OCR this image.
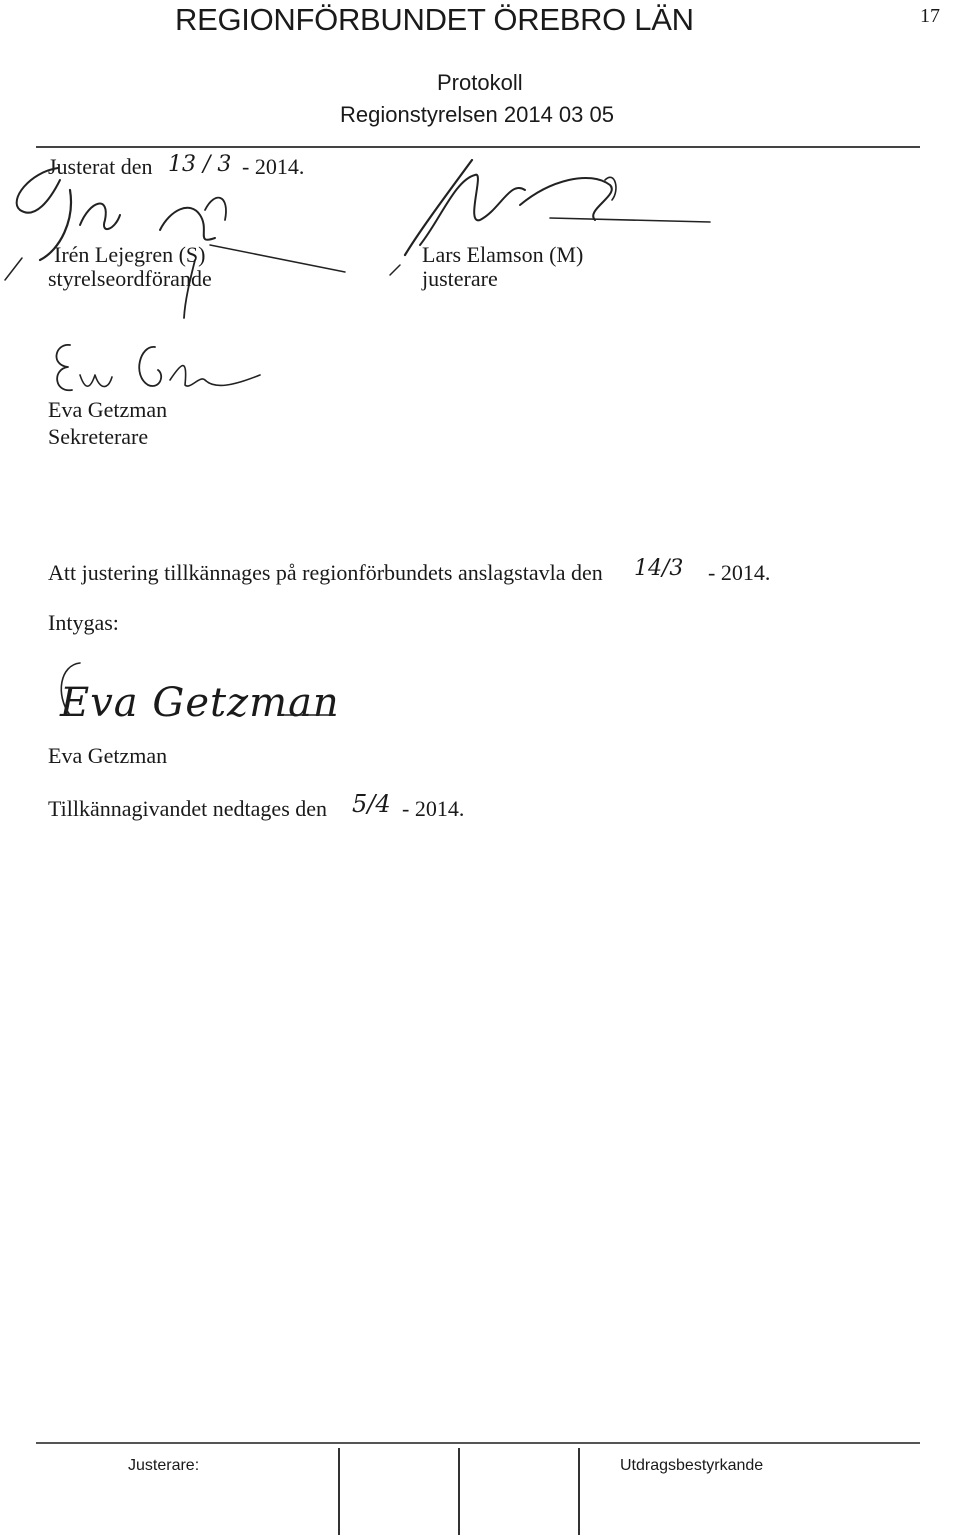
REGIONFÖRBUNDET ÖREBRO LÄN	17
Protokoll
Regionstyrelsen 2014 03 05
Justerat den 13 / 3 - 2014.
Irén Lejegren (S)
styrelseordförande
Lars Elamson (M)
justerare
Eva Getzman
Sekreterare
Att justering tillkännages på regionförbundets anslagstavla den 14/3 - 2014.
Intygas:
Eva Getzman
Eva Getzman
Tillkännagivandet nedtages den 5/4 - 2014.
Justerare:	Utdragsbestyrkande
